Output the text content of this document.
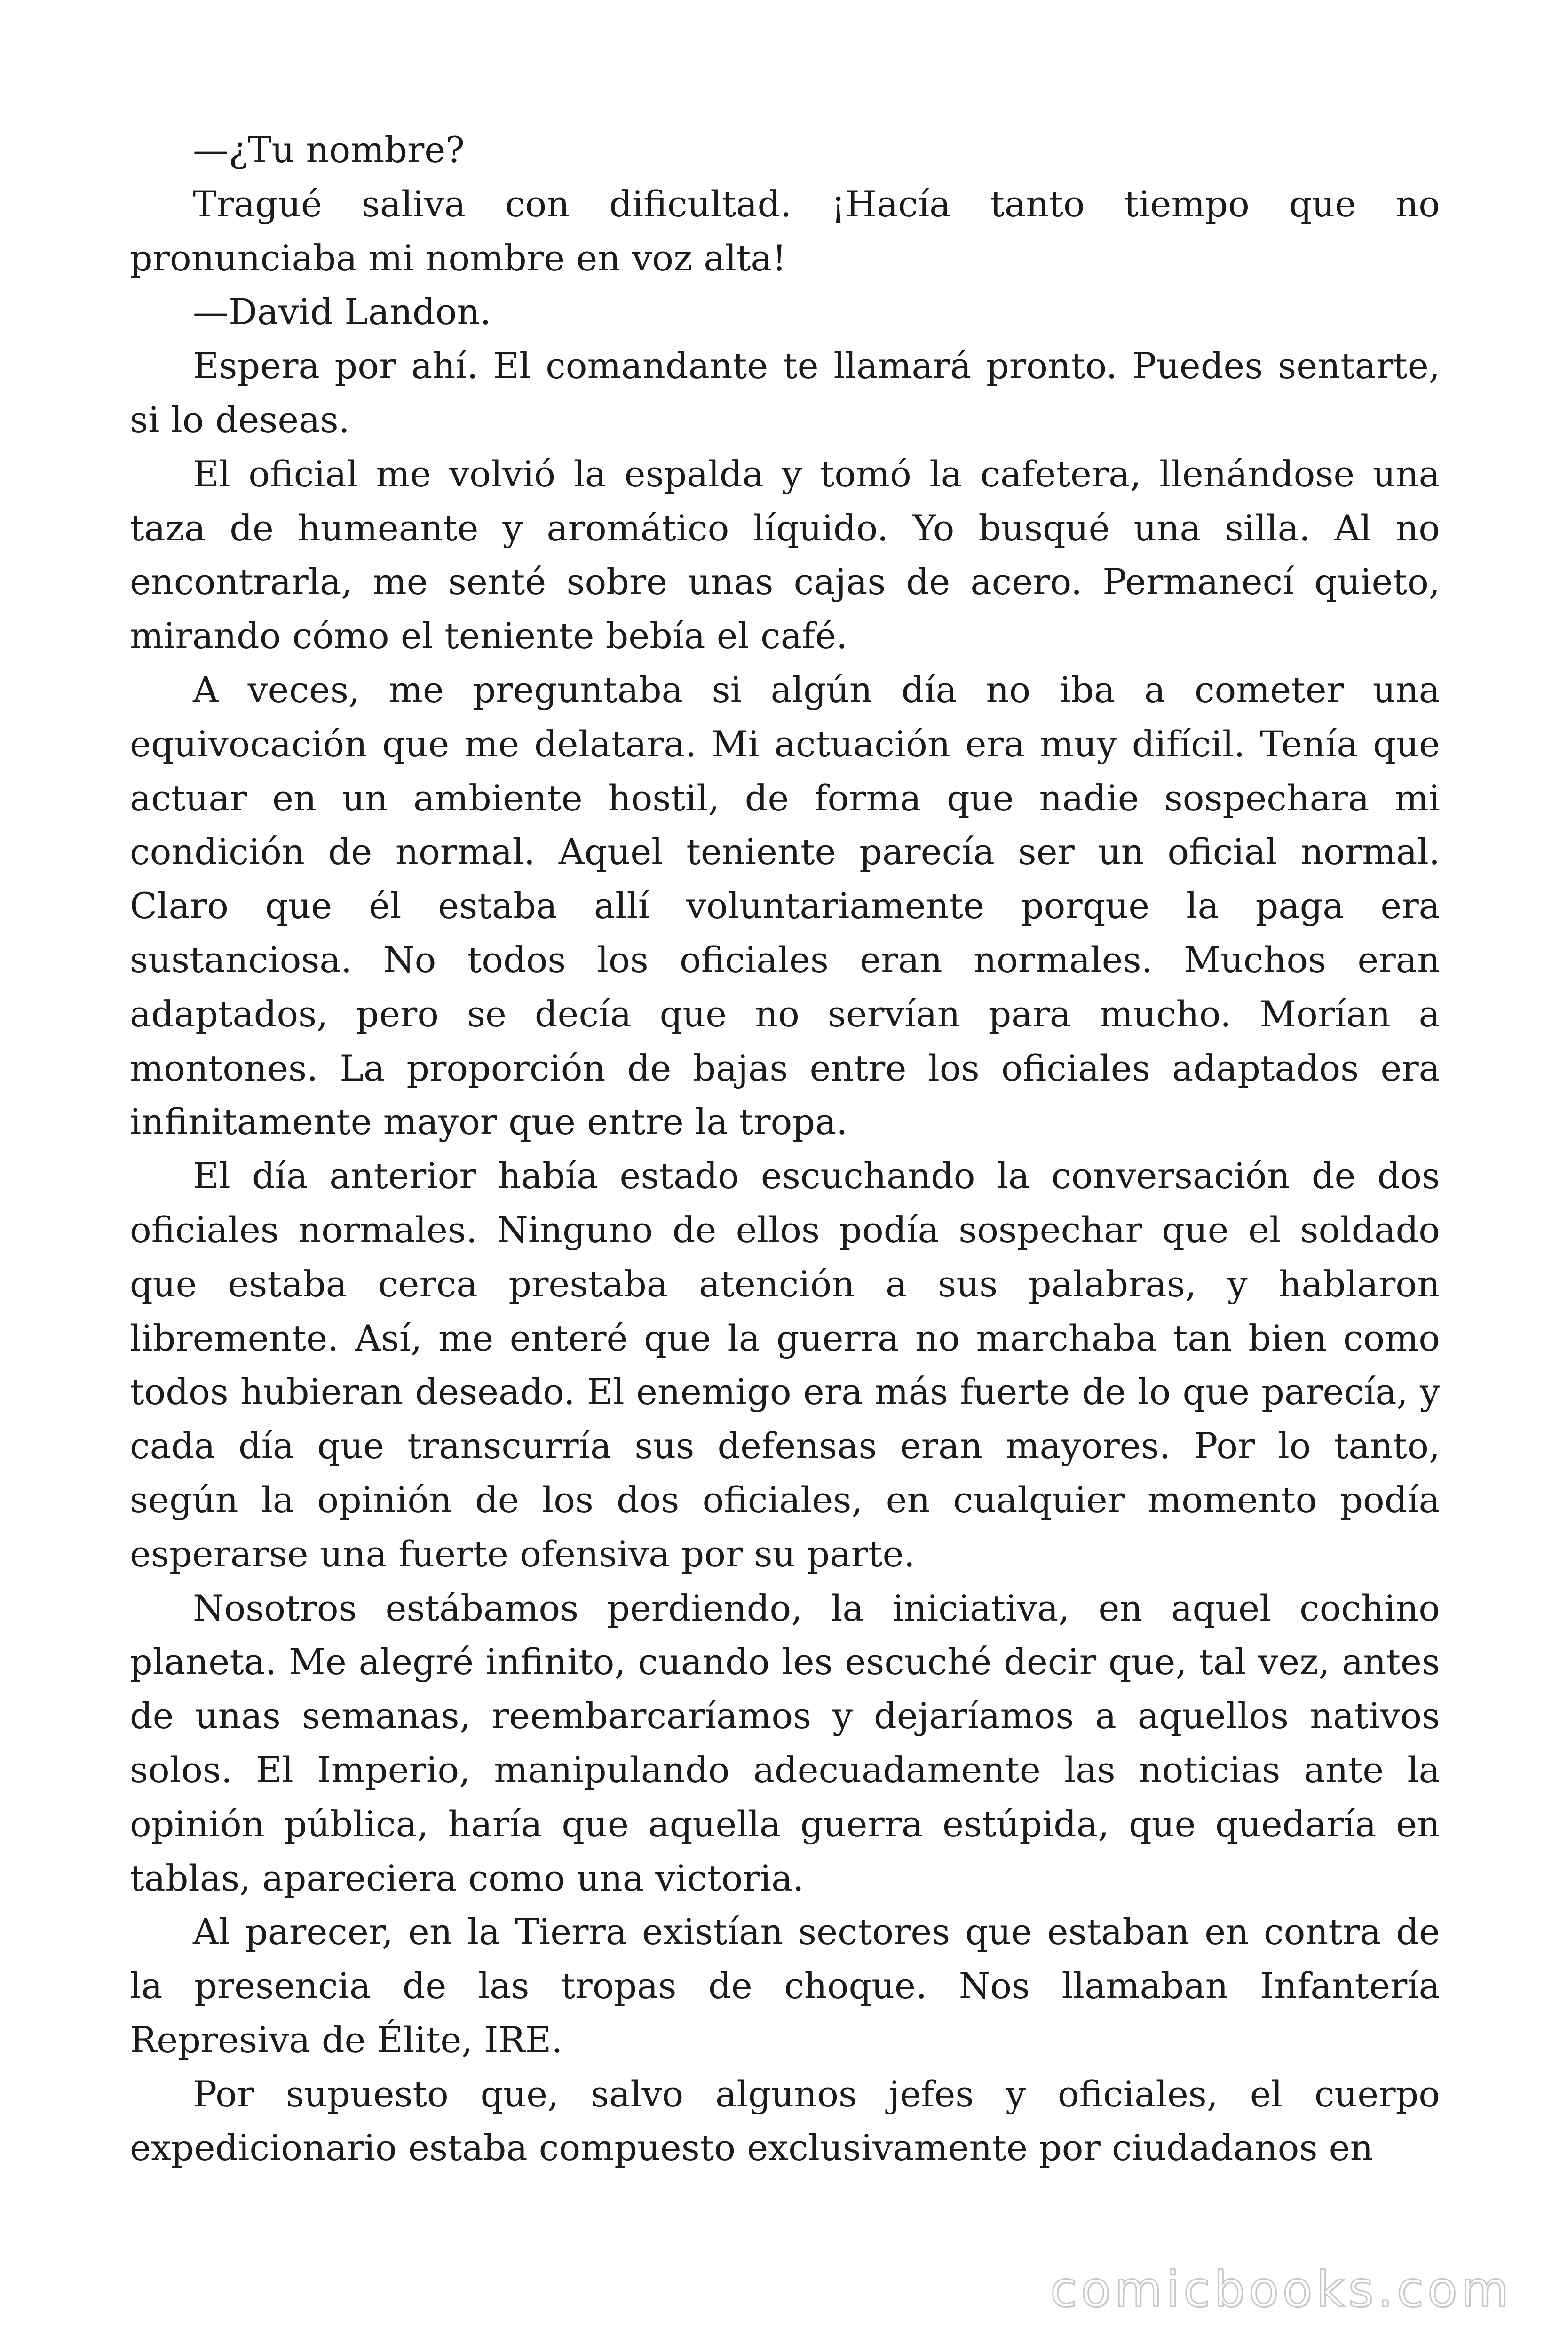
—¿Tu nombre?

Tragué saliva con dificultad. ¡Hacía tanto tiempo que no pronunciaba mi nombre en voz alta!

—David Landon.

Espera por ahí. El comandante te llamará pronto. Puedes sentarte, si lo deseas.

El oficial me volvió la espalda y tomó la cafetera, llenándose una taza de humeante y aromático líquido. Yo busqué una silla. Al no encontrarla, me senté sobre unas cajas de acero. Permanecí quieto, mirando cómo el teniente bebía el café.

A veces, me preguntaba si algún día no iba a cometer una equivocación que me delatara. Mi actuación era muy difícil. Tenía que actuar en un ambiente hostil, de forma que nadie sospechara mi condición de normal. Aquel teniente parecía ser un oficial normal. Claro que él estaba allí voluntariamente porque la paga era sustanciosa. No todos los oficiales eran normales. Muchos eran adaptados, pero se decía que no servían para mucho. Morían a montones. La proporción de bajas entre los oficiales adaptados era infinitamente mayor que entre la tropa.

El día anterior había estado escuchando la conversación de dos oficiales normales. Ninguno de ellos podía sospechar que el soldado que estaba cerca prestaba atención a sus palabras, y hablaron libremente. Así, me enteré que la guerra no marchaba tan bien como todos hubieran deseado. El enemigo era más fuerte de lo que parecía, y cada día que transcurría sus defensas eran mayores. Por lo tanto, según la opinión de los dos oficiales, en cualquier momento podía esperarse una fuerte ofensiva por su parte.

Nosotros estábamos perdiendo, la iniciativa, en aquel cochino planeta. Me alegré infinito, cuando les escuché decir que, tal vez, antes de unas semanas, reembarcaríamos y dejaríamos a aquellos nativos solos. El Imperio, manipulando adecuadamente las noticias ante la opinión pública, haría que aquella guerra estúpida, que quedaría en tablas, apareciera como una victoria.

Al parecer, en la Tierra existían sectores que estaban en contra de la presencia de las tropas de choque. Nos llamaban Infantería Represiva de Élite, IRE.

Por supuesto que, salvo algunos jefes y oficiales, el cuerpo expedicionario estaba compuesto exclusivamente por ciudadanos en

comicbooks.com
